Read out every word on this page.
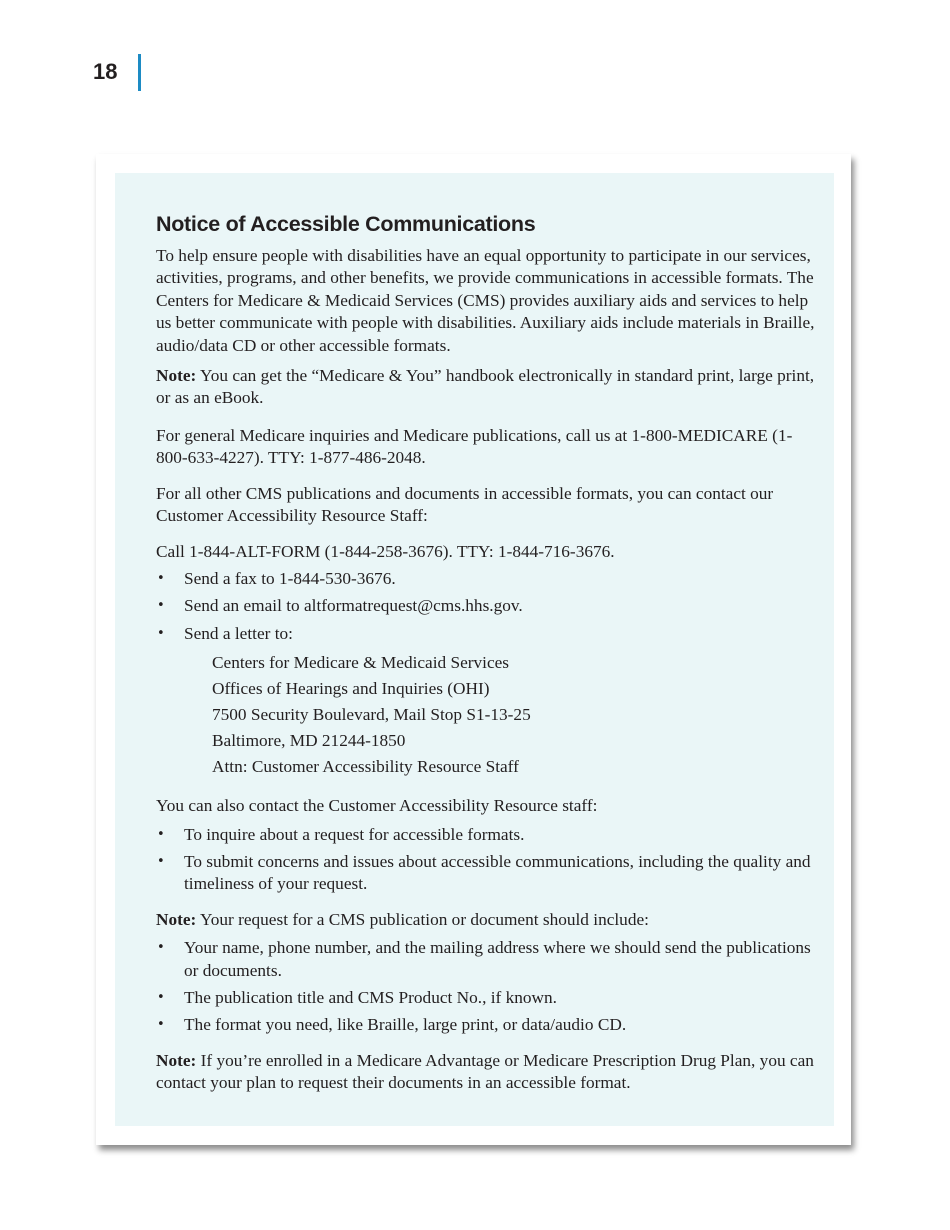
18
Notice of Accessible Communications

To help ensure people with disabilities have an equal opportunity to participate in our services, activities, programs, and other benefits, we provide communications in accessible formats. The Centers for Medicare & Medicaid Services (CMS) provides auxiliary aids and services to help us better communicate with people with disabilities. Auxiliary aids include materials in Braille, audio/data CD or other accessible formats.

Note: You can get the “Medicare & You” handbook electronically in standard print, large print, or as an eBook.

For general Medicare inquiries and Medicare publications, call us at 1-800-MEDICARE (1-800-633-4227). TTY: 1-877-486-2048.

For all other CMS publications and documents in accessible formats, you can contact our Customer Accessibility Resource Staff:

Call 1-844-ALT-FORM (1-844-258-3676). TTY: 1-844-716-3676.

• Send a fax to 1-844-530-3676.
• Send an email to altformatrequest@cms.hhs.gov.
• Send a letter to:
Centers for Medicare & Medicaid Services
Offices of Hearings and Inquiries (OHI)
7500 Security Boulevard, Mail Stop S1-13-25
Baltimore, MD 21244-1850
Attn: Customer Accessibility Resource Staff

You can also contact the Customer Accessibility Resource staff:

• To inquire about a request for accessible formats.
• To submit concerns and issues about accessible communications, including the quality and timeliness of your request.

Note: Your request for a CMS publication or document should include:

• Your name, phone number, and the mailing address where we should send the publications or documents.
• The publication title and CMS Product No., if known.
• The format you need, like Braille, large print, or data/audio CD.

Note: If you’re enrolled in a Medicare Advantage or Medicare Prescription Drug Plan, you can contact your plan to request their documents in an accessible format.
